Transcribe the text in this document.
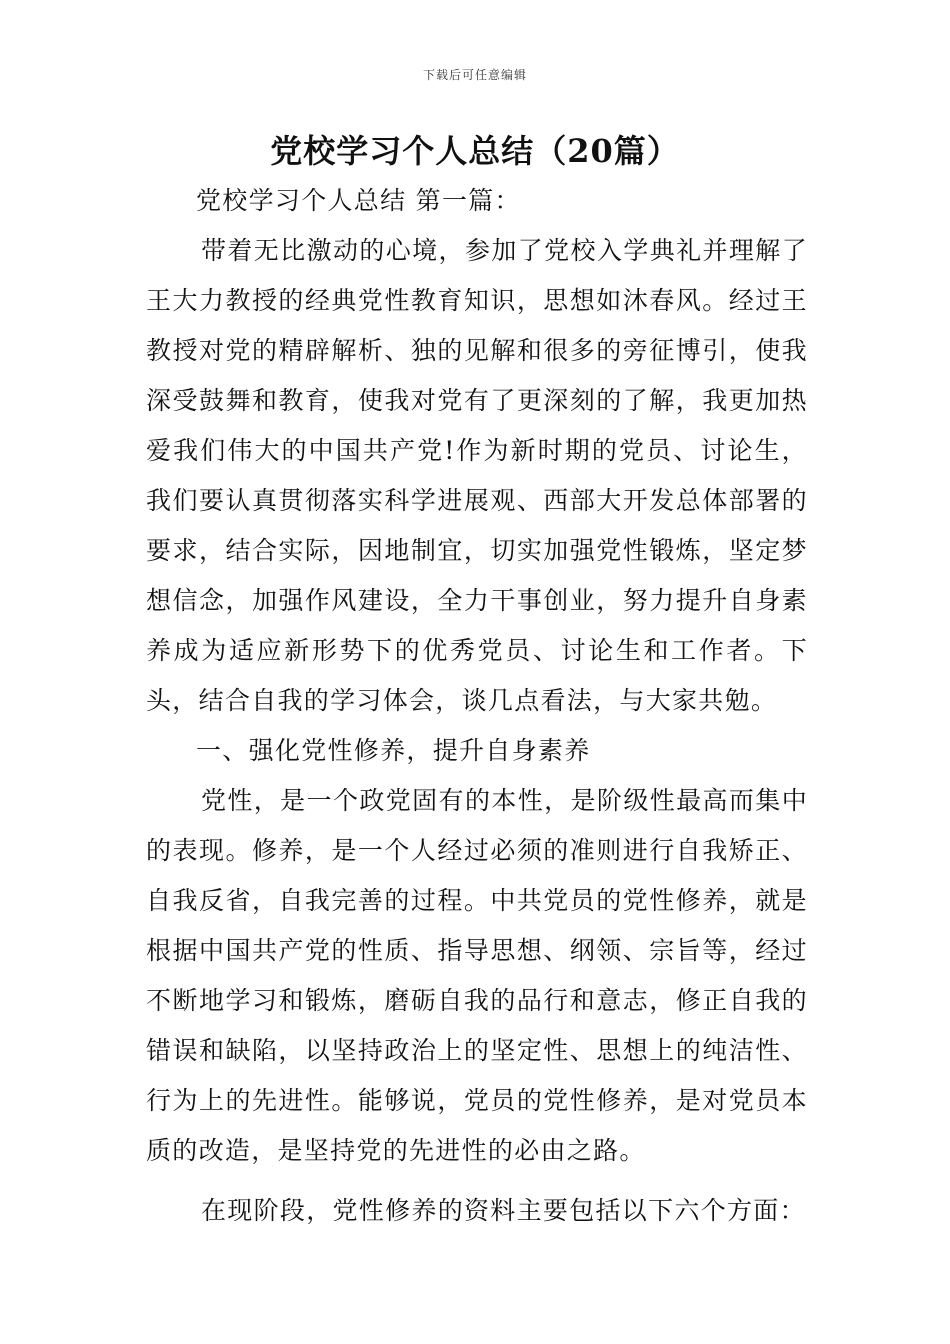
下载后可任意编辑
党校学习个人总结（20篇）

党校学习个人总结 第一篇：

带着无比激动的心境，参加了党校入学典礼并理解了王大力教授的经典党性教育知识，思想如沐春风。经过王教授对党的精辟解析、独的见解和很多的旁征博引，使我深受鼓舞和教育，使我对党有了更深刻的了解，我更加热爱我们伟大的中国共产党!作为新时期的党员、讨论生，我们要认真贯彻落实科学进展观、西部大开发总体部署的要求，结合实际，因地制宜，切实加强党性锻炼，坚定梦想信念，加强作风建设，全力干事创业，努力提升自身素养成为适应新形势下的优秀党员、讨论生和工作者。下头，结合自我的学习体会，谈几点看法，与大家共勉。

一、强化党性修养，提升自身素养

党性，是一个政党固有的本性，是阶级性最高而集中的表现。修养，是一个人经过必须的准则进行自我矫正、自我反省，自我完善的过程。中共党员的党性修养，就是根据中国共产党的性质、指导思想、纲领、宗旨等，经过不断地学习和锻炼，磨砺自我的品行和意志，修正自我的错误和缺陷，以坚持政治上的坚定性、思想上的纯洁性、行为上的先进性。能够说，党员的党性修养，是对党员本质的改造，是坚持党的先进性的必由之路。

在现阶段，党性修养的资料主要包括以下六个方面：
